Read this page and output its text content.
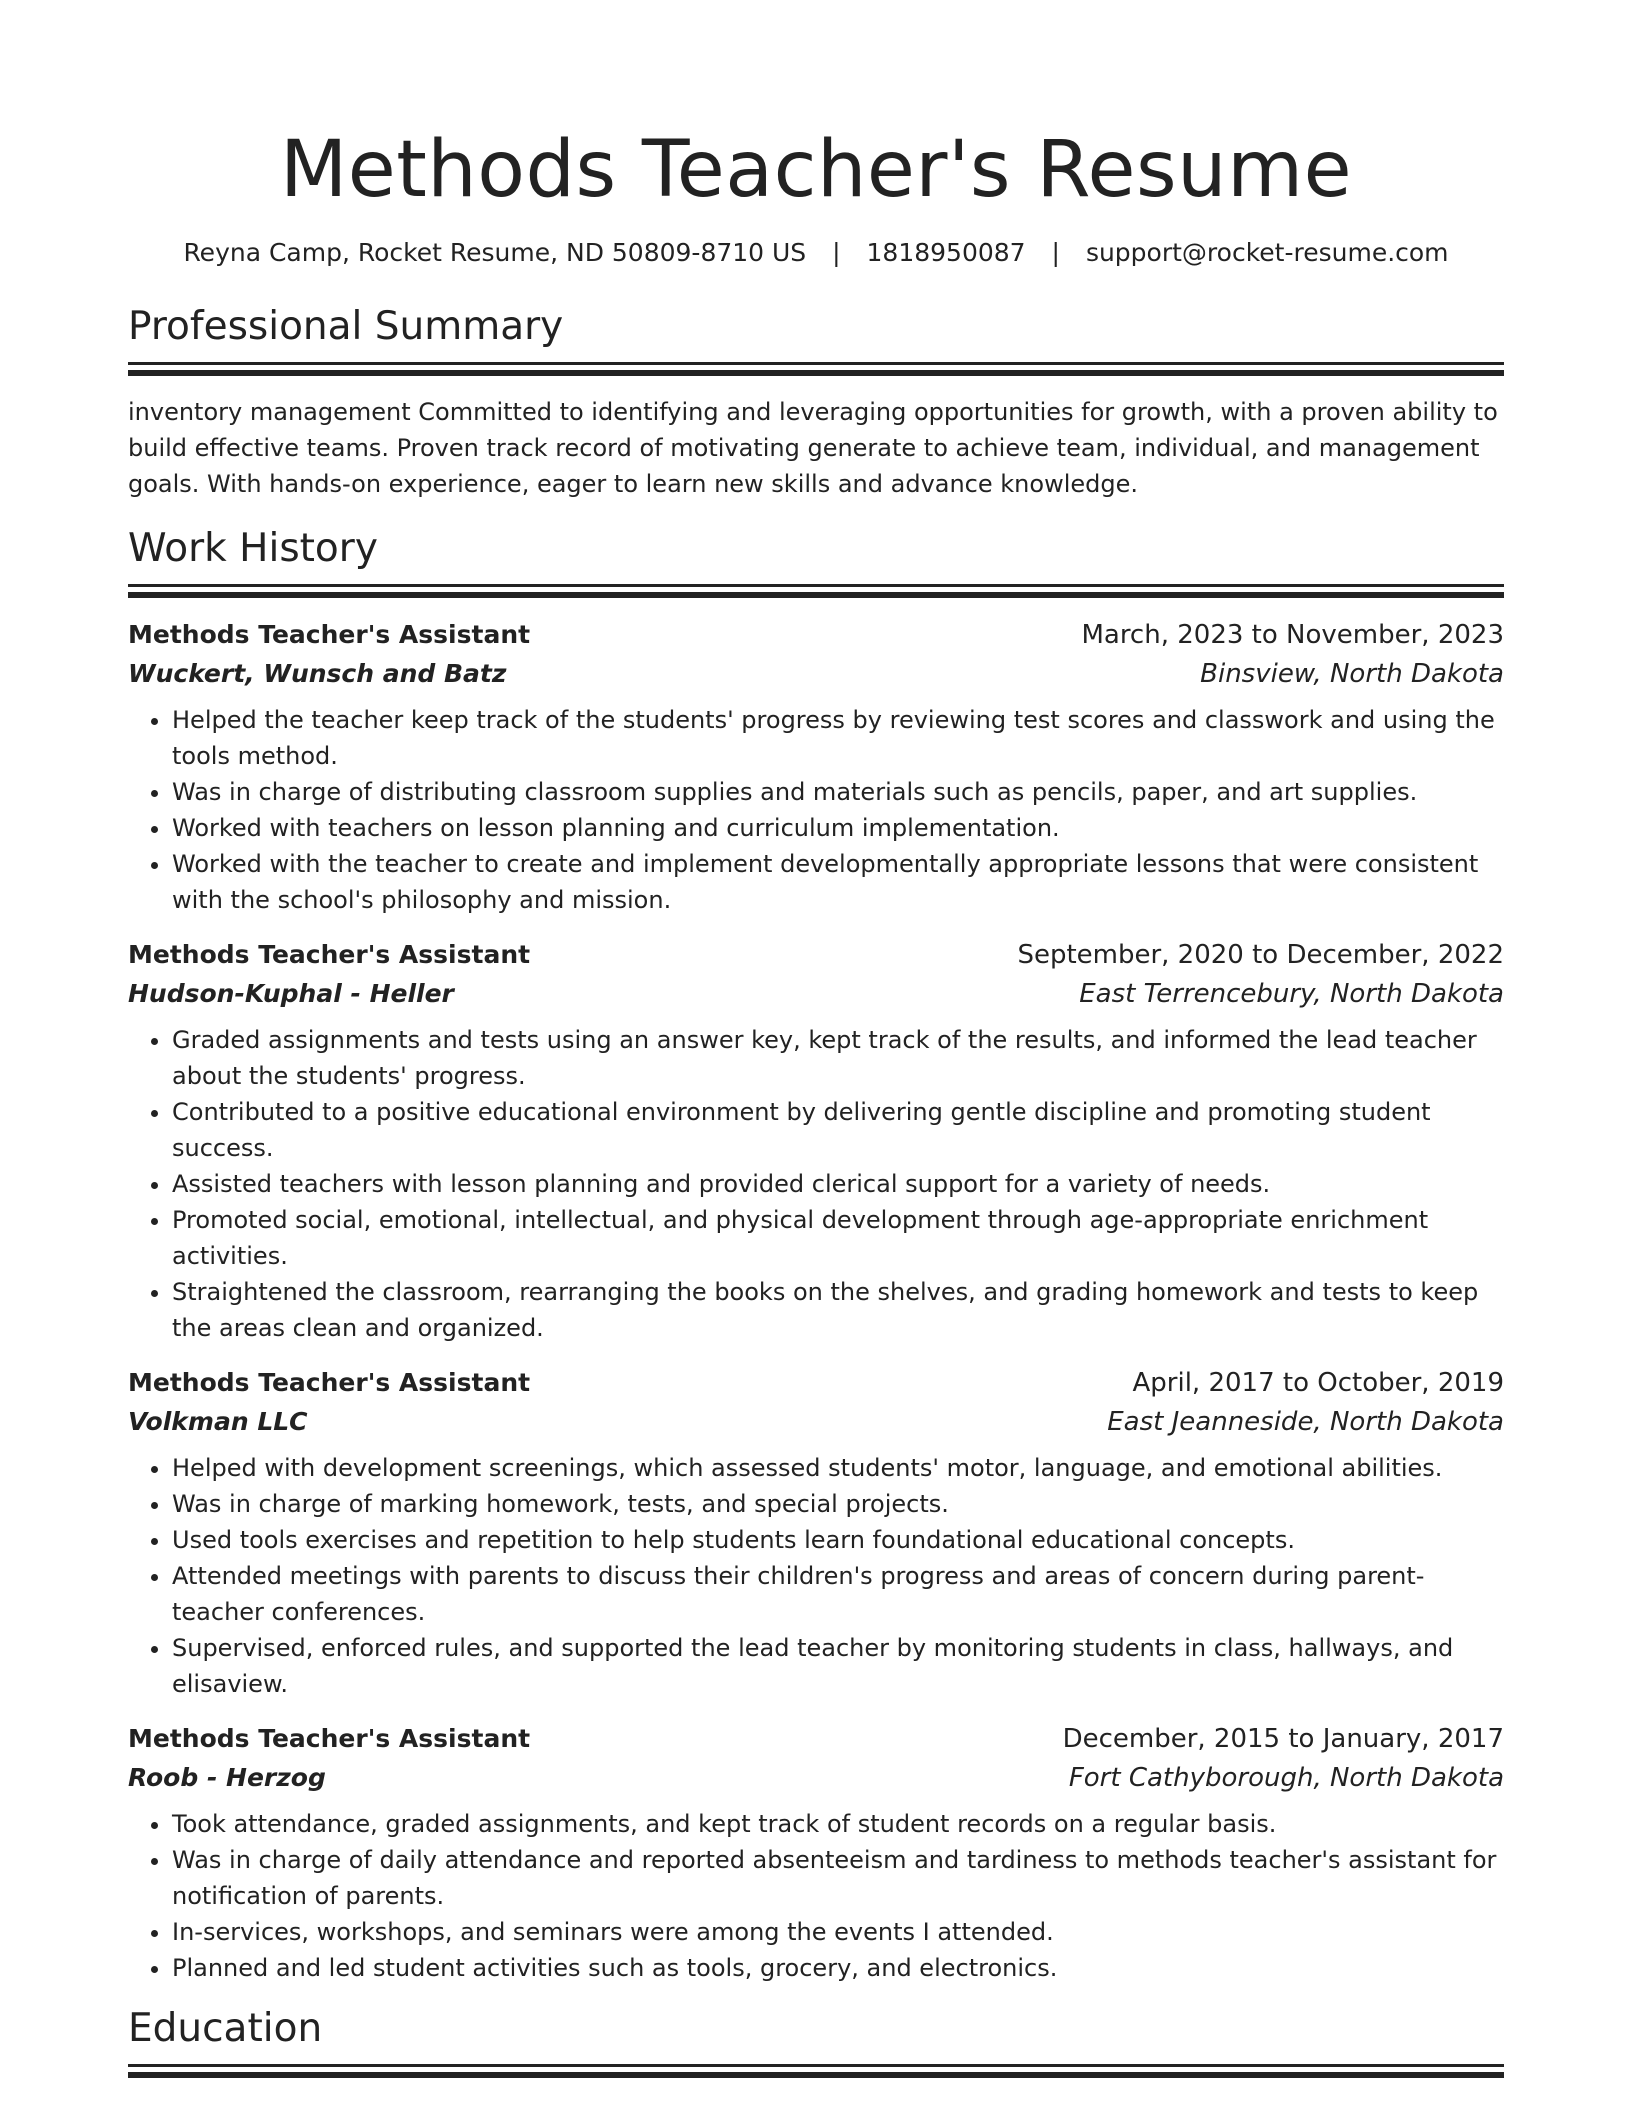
Methods Teacher's Resume
Reyna Camp, Rocket Resume, ND 50809-8710 US | 1818950087 | support@rocket-resume.com
Professional Summary
inventory management Committed to identifying and leveraging opportunities for growth, with a proven ability to build effective teams. Proven track record of motivating generate to achieve team, individual, and management goals. With hands-on experience, eager to learn new skills and advance knowledge.
Work History
Methods Teacher's Assistant	March, 2023 to November, 2023
Wuckert, Wunsch and Batz	Binsview, North Dakota
• Helped the teacher keep track of the students' progress by reviewing test scores and classwork and using the tools method.
• Was in charge of distributing classroom supplies and materials such as pencils, paper, and art supplies.
• Worked with teachers on lesson planning and curriculum implementation.
• Worked with the teacher to create and implement developmentally appropriate lessons that were consistent with the school's philosophy and mission.
Methods Teacher's Assistant	September, 2020 to December, 2022
Hudson-Kuphal - Heller	East Terrencebury, North Dakota
• Graded assignments and tests using an answer key, kept track of the results, and informed the lead teacher about the students' progress.
• Contributed to a positive educational environment by delivering gentle discipline and promoting student success.
• Assisted teachers with lesson planning and provided clerical support for a variety of needs.
• Promoted social, emotional, intellectual, and physical development through age-appropriate enrichment activities.
• Straightened the classroom, rearranging the books on the shelves, and grading homework and tests to keep the areas clean and organized.
Methods Teacher's Assistant	April, 2017 to October, 2019
Volkman LLC	East Jeanneside, North Dakota
• Helped with development screenings, which assessed students' motor, language, and emotional abilities.
• Was in charge of marking homework, tests, and special projects.
• Used tools exercises and repetition to help students learn foundational educational concepts.
• Attended meetings with parents to discuss their children's progress and areas of concern during parent-teacher conferences.
• Supervised, enforced rules, and supported the lead teacher by monitoring students in class, hallways, and elisaview.
Methods Teacher's Assistant	December, 2015 to January, 2017
Roob - Herzog	Fort Cathyborough, North Dakota
• Took attendance, graded assignments, and kept track of student records on a regular basis.
• Was in charge of daily attendance and reported absenteeism and tardiness to methods teacher's assistant for notification of parents.
• In-services, workshops, and seminars were among the events I attended.
• Planned and led student activities such as tools, grocery, and electronics.
Education
